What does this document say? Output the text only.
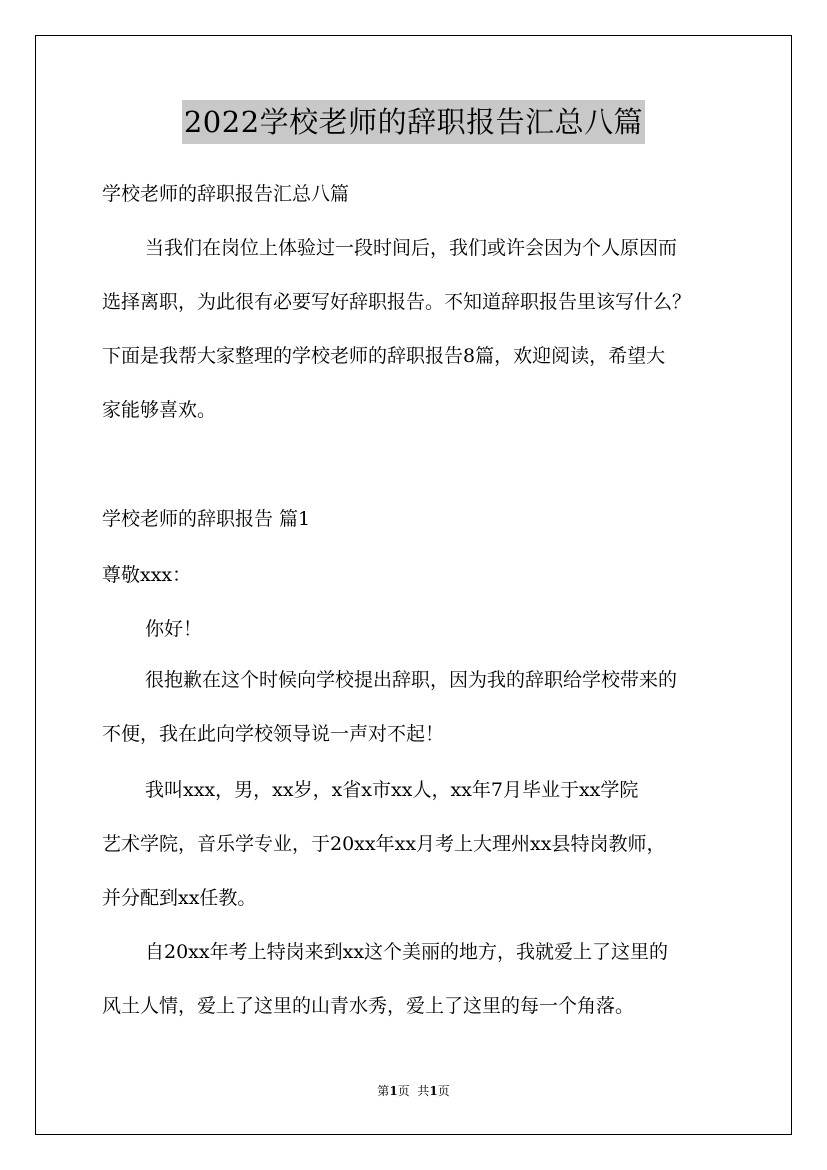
2022学校老师的辞职报告汇总八篇
学校老师的辞职报告汇总八篇
当我们在岗位上体验过一段时间后，我们或许会因为个人原因而
选择离职，为此很有必要写好辞职报告。不知道辞职报告里该写什么？
下面是我帮大家整理的学校老师的辞职报告8篇，欢迎阅读，希望大
家能够喜欢。
学校老师的辞职报告 篇1
尊敬xxx：
你好！
很抱歉在这个时候向学校提出辞职，因为我的辞职给学校带来的
不便，我在此向学校领导说一声对不起！
我叫xxx，男，xx岁，x省x市xx人，xx年7月毕业于xx学院
艺术学院，音乐学专业，于20xx年xx月考上大理州xx县特岗教师，
并分配到xx任教。
自20xx年考上特岗来到xx这个美丽的地方，我就爱上了这里的
风土人情，爱上了这里的山青水秀，爱上了这里的每一个角落。
第1页  共1页
